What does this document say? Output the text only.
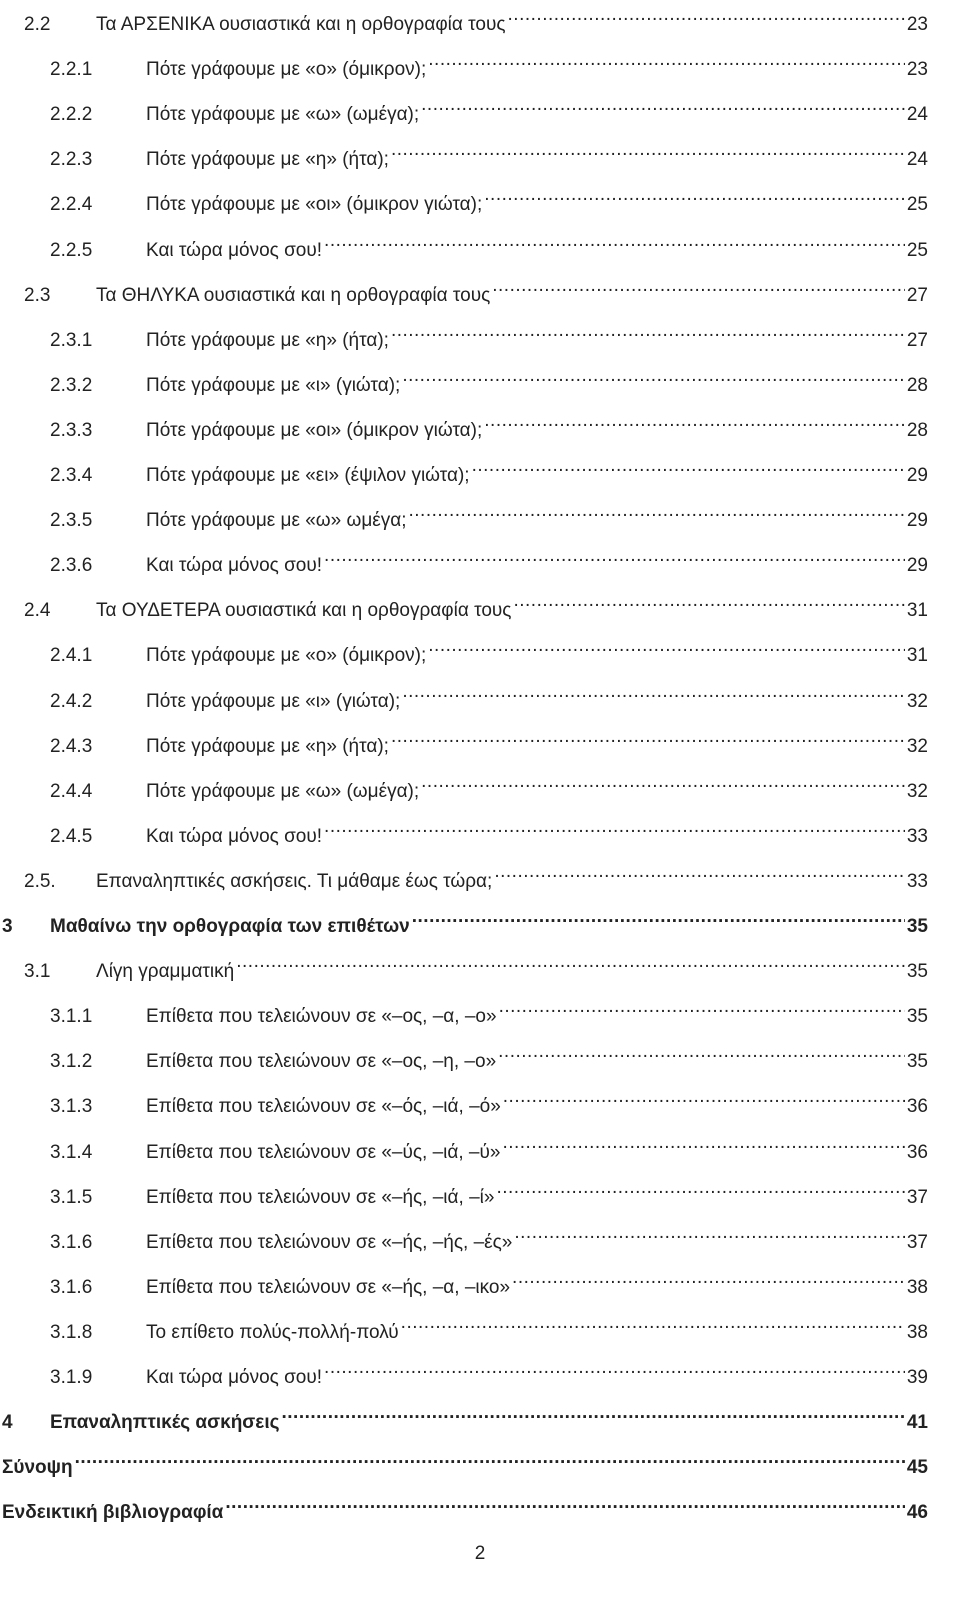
2.2	Τα ΑΡΣΕΝΙΚΑ ουσιαστικά και η ορθογραφία τους .....	23
2.2.1	Πότε γράφουμε με «ο» (όμικρον); .....	23
2.2.2	Πότε γράφουμε με «ω» (ωμέγα); .....	24
2.2.3	Πότε γράφουμε με «η» (ήτα); .....	24
2.2.4	Πότε γράφουμε με «οι» (όμικρον γιώτα); .....	25
2.2.5	Και τώρα μόνος σου! .....	25
2.3	Τα ΘΗΛΥΚΑ ουσιαστικά και η ορθογραφία τους .....	27
2.3.1	Πότε γράφουμε με «η» (ήτα); .....	27
2.3.2	Πότε γράφουμε με «ι» (γιώτα); .....	28
2.3.3	Πότε γράφουμε με «οι» (όμικρον γιώτα); .....	28
2.3.4	Πότε γράφουμε με «ει» (έψιλον γιώτα); .....	29
2.3.5	Πότε γράφουμε με «ω» ωμέγα; .....	29
2.3.6	Και τώρα μόνος σου! .....	29
2.4	Τα ΟΥΔΕΤΕΡΑ ουσιαστικά και η ορθογραφία τους .....	31
2.4.1	Πότε γράφουμε με «ο» (όμικρον); .....	31
2.4.2	Πότε γράφουμε με «ι» (γιώτα); .....	32
2.4.3	Πότε γράφουμε με «η» (ήτα); .....	32
2.4.4	Πότε γράφουμε με «ω» (ωμέγα); .....	32
2.4.5	Και τώρα μόνος σου! .....	33
2.5.	Επαναληπτικές ασκήσεις. Τι μάθαμε έως τώρα; .....	33
3	Μαθαίνω την ορθογραφία των επιθέτων .....	35
3.1	Λίγη γραμματική .....	35
3.1.1	Επίθετα που τελειώνουν σε «–ος, –α, –ο» .....	35
3.1.2	Επίθετα που τελειώνουν σε «–ος, –η, –ο» .....	35
3.1.3	Επίθετα που τελειώνουν σε «–ός, –ιά, –ό» .....	36
3.1.4	Επίθετα που τελειώνουν σε «–ύς, –ιά, –ύ» .....	36
3.1.5	Επίθετα που τελειώνουν σε «–ής, –ιά, –ί» .....	37
3.1.6	Επίθετα που τελειώνουν σε «–ής, –ής, –ές» .....	37
3.1.6	Επίθετα που τελειώνουν σε «–ής, –α, –ικο» .....	38
3.1.8	Το επίθετο πολύς-πολλή-πολύ .....	38
3.1.9	Και τώρα μόνος σου! .....	39
4	Επαναληπτικές ασκήσεις .....	41
Σύνοψη .....	45
Ενδεικτική βιβλιογραφία .....	46
2
